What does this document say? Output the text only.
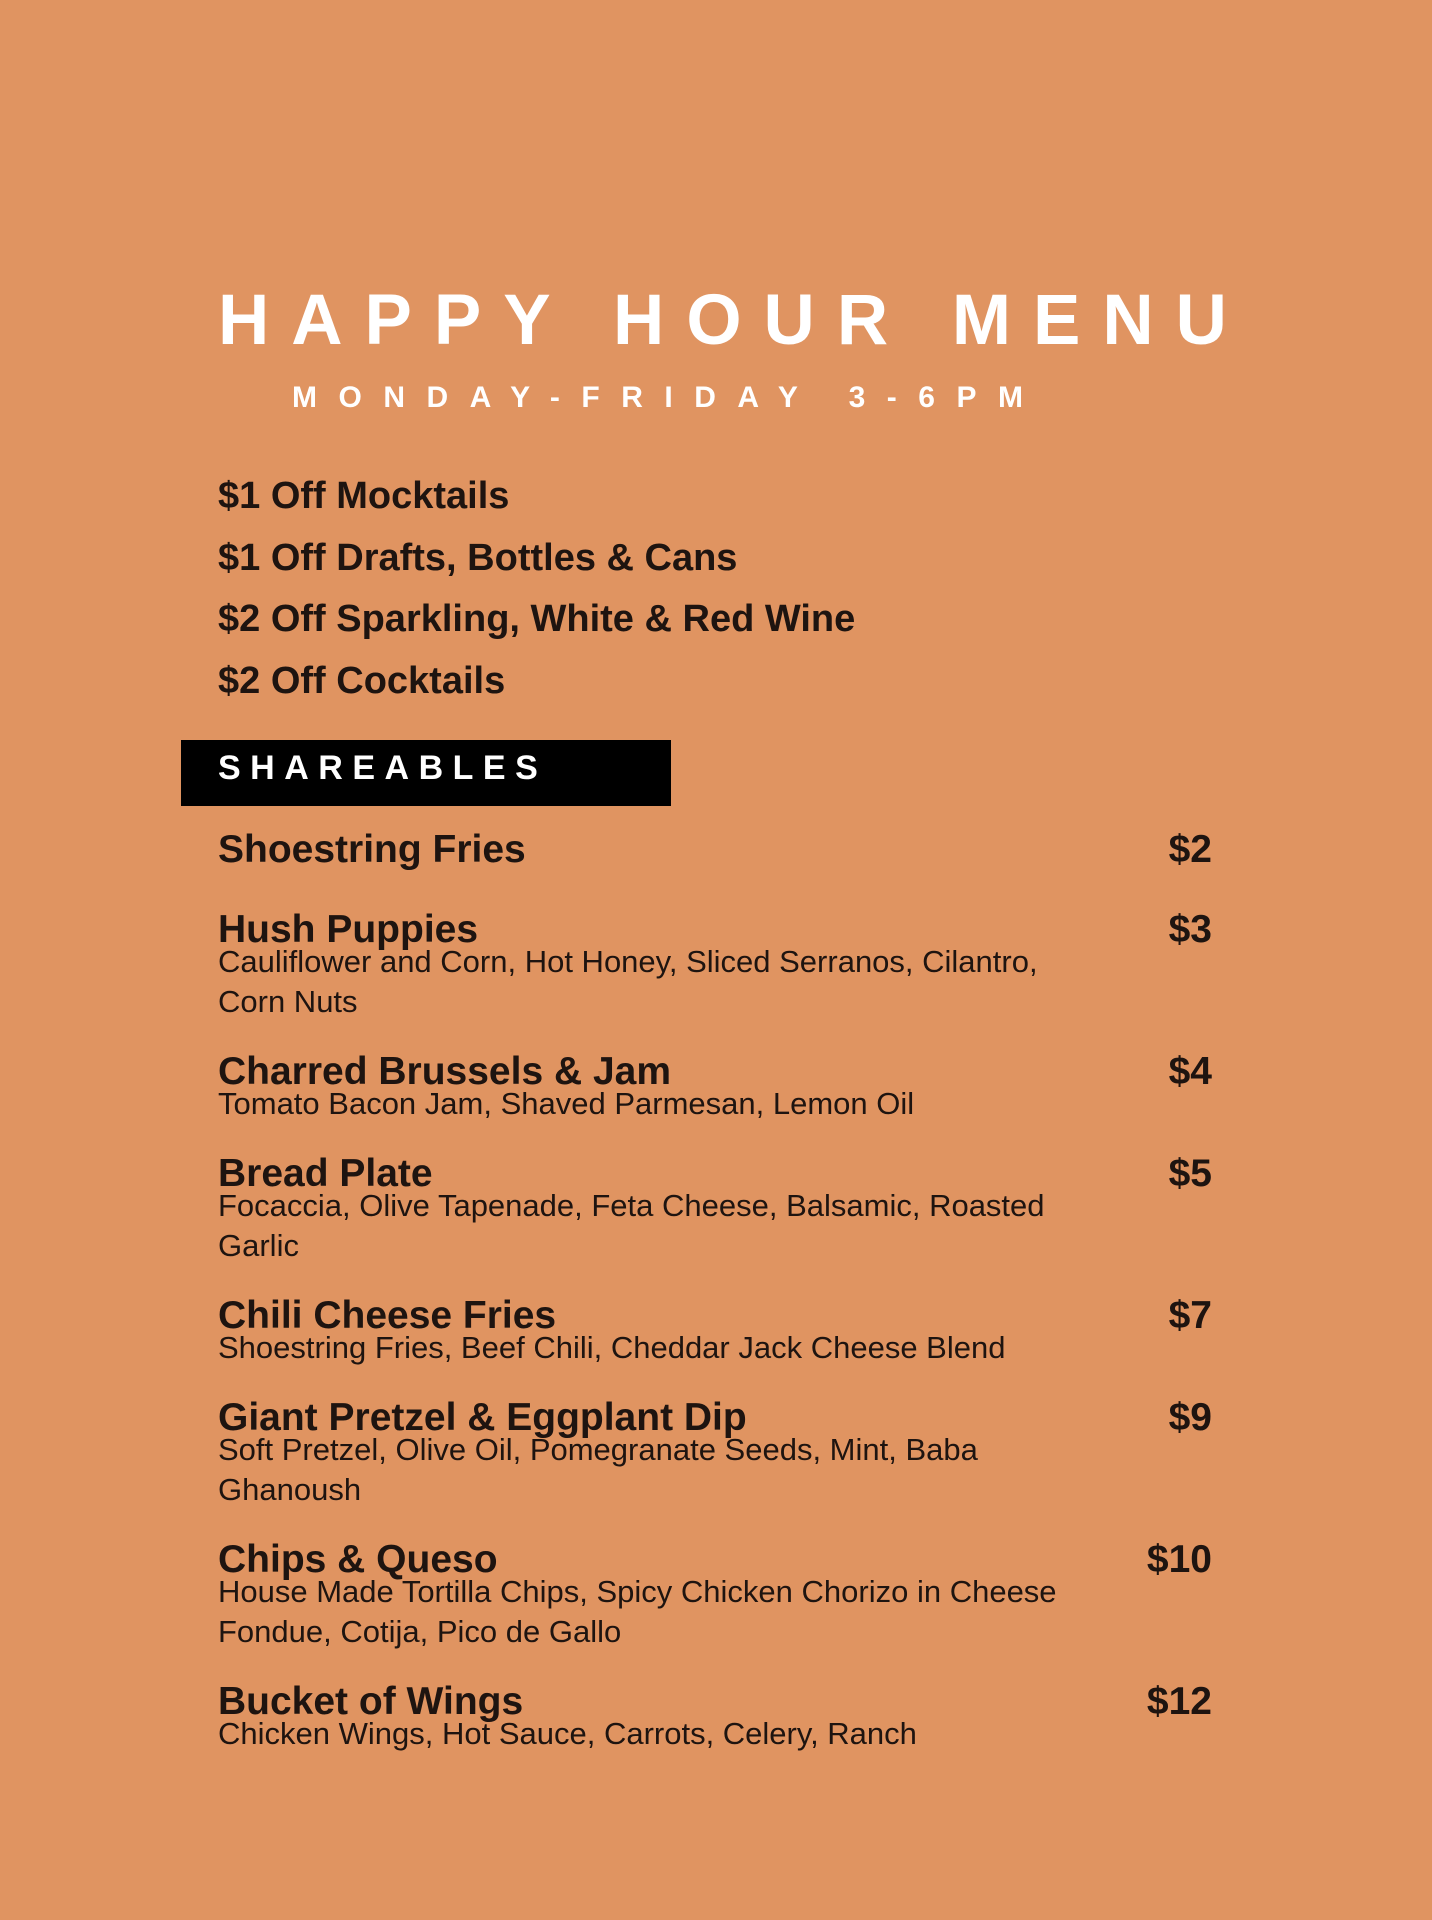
HAPPY HOUR MENU
MONDAY-FRIDAY 3-6PM
$1 Off Mocktails
$1 Off Drafts, Bottles & Cans
$2 Off Sparkling, White & Red Wine
$2 Off Cocktails
SHAREABLES
Shoestring Fries	$2
Hush Puppies	$3
Cauliflower and Corn, Hot Honey, Sliced Serranos, Cilantro, Corn Nuts
Charred Brussels & Jam	$4
Tomato Bacon Jam, Shaved Parmesan, Lemon Oil
Bread Plate	$5
Focaccia, Olive Tapenade, Feta Cheese, Balsamic, Roasted Garlic
Chili Cheese Fries	$7
Shoestring Fries, Beef Chili, Cheddar Jack Cheese Blend
Giant Pretzel & Eggplant Dip	$9
Soft Pretzel, Olive Oil, Pomegranate Seeds, Mint, Baba Ghanoush
Chips & Queso	$10
House Made Tortilla Chips, Spicy Chicken Chorizo in Cheese Fondue, Cotija, Pico de Gallo
Bucket of Wings	$12
Chicken Wings, Hot Sauce, Carrots, Celery, Ranch
